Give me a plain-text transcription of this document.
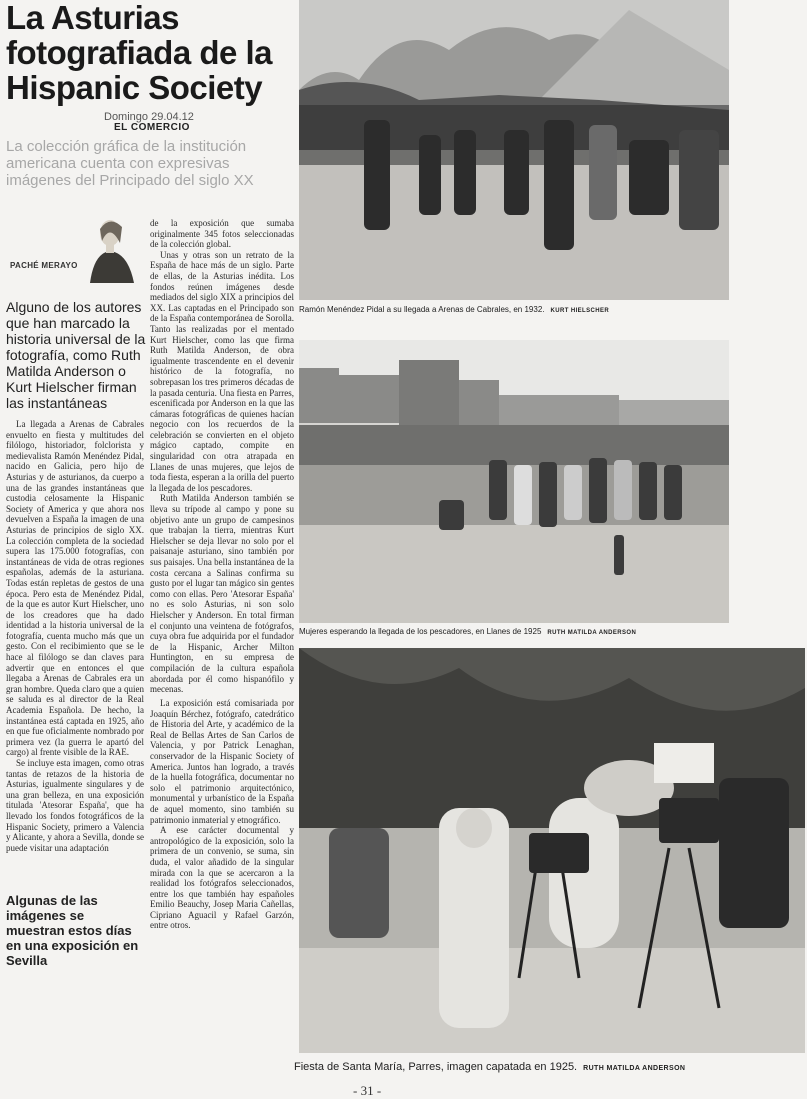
La Asturias fotografiada de la Hispanic Society
Domingo 29.04.12
EL COMERCIO

La colección gráfica de la institución americana cuenta con expresivas imágenes del Principado del siglo XX

PACHÉ MERAYO

Alguno de los autores que han marcado la historia universal de la fotografía, como Ruth Matilda Anderson o Kurt Hielscher firman las instantáneas

Algunas de las imágenes se muestran estos días en una exposición en Sevilla

La llegada a Arenas de Cabrales envuelto en fiesta y multitudes del filólogo, historiador, folclorista y medievalista Ramón Menéndez Pidal, nacido en Galicia, pero hijo de Asturias y de asturianos, da cuerpo a una de las grandes instantáneas que custodia celosamente la Hispanic Society of America y que ahora nos devuelven a España la imagen de una Asturias de principios de siglo XX. La colección completa de la sociedad supera las 175.000 fotografías, con instantáneas de vida de otras regiones españolas, además de la asturiana. Todas están repletas de gestos de una época. Pero esta de Menéndez Pidal, de la que es autor Kurt Hielscher, uno de los creadores que ha dado identidad a la historia universal de la fotografía, cuenta mucho más que un gesto. Con el recibimiento que se le hace al filólogo se dan claves para advertir que en entonces el que llegaba a Arenas de Cabrales era un gran hombre. Queda claro que a quien se saluda es al director de la Real Academia Española. De hecho, la instantánea está captada en 1925, año en que fue oficialmente nombrado por primera vez (la guerra le apartó del cargo) al frente visible de la RAE.

Se incluye esta imagen, como otras tantas de retazos de la historia de Asturias, igualmente singulares y de una gran belleza, en una exposición titulada 'Atesorar España', que ha llevado los fondos fotográficos de la Hispanic Society, primero a Valencia y Alicante, y ahora a Sevilla, donde se puede visitar una adaptación

de la exposición que sumaba originalmente 345 fotos seleccionadas de la colección global.

Unas y otras son un retrato de la España de hace más de un siglo. Parte de ellas, de la Asturias inédita. Los fondos reúnen imágenes desde mediados del siglo XIX a principios del XX. Las captadas en el Principado son de la España contemporánea de Sorolla. Tanto las realizadas por el mentado Kurt Hielscher, como las que firma Ruth Matilda Anderson, de obra igualmente trascendente en el devenir histórico de la fotografía, no sobrepasan los tres primeros décadas de la pasada centuria. Una fiesta en Parres, escenificada por Anderson en la que las cámaras fotográficas de quienes hacían negocio con los recuerdos de la celebración se convierten en el objeto mágico captado, compite en singularidad con otra atrapada en Llanes de unas mujeres, que lejos de toda fiesta, esperan a la orilla del puerto la llegada de los pescadores.

Ruth Matilda Anderson también se lleva su trípode al campo y pone su objetivo ante un grupo de campesinos que trabajan la tierra, mientras Kurt Hielscher se deja llevar no solo por el paisanaje asturiano, sino también por sus paisajes. Una bella instantánea de la costa cercana a Salinas confirma su gusto por el lugar tan mágico sin gentes como con ellas. Pero 'Atesorar España' no es solo Asturias, ni son solo Hielscher y Anderson. En total firman el conjunto una veintena de fotógrafos, cuya obra fue adquirida por el fundador de la Hispanic, Archer Milton Huntington, en su empresa de compilación de la cultura española abordada por él como hispanófilo y mecenas.

La exposición está comisariada por Joaquín Bérchez, fotógrafo, catedrático de Historia del Arte, y académico de la Real de Bellas Artes de San Carlos de Valencia, y por Patrick Lenaghan, conservador de la Hispanic Society of America. Juntos han logrado, a través de la huella fotográfica, documentar no solo el patrimonio arquitectónico, monumental y urbanístico de la España de aquel momento, sino también su patrimonio inmaterial y etnográfico.

A ese carácter documental y antropológico de la exposición, solo la primera de un convenio, se suma, sin duda, el valor añadido de la singular mirada con la que se acercaron a la realidad los fotógrafos seleccionados, entre los que también hay españoles Emilio Beauchy, Josep Maria Cañellas, Cipriano Aguacil y Rafael Garzón, entre otros.

Ramón Menéndez Pidal a su llegada a Arenas de Cabrales, en 1932. KURT HIELSCHER
Mujeres esperando la llegada de los pescadores, en Llanes de 1925 RUTH MATILDA ANDERSON
Fiesta de Santa María, Parres, imagen capatada en 1925. RUTH MATILDA ANDERSON
- 31 -
